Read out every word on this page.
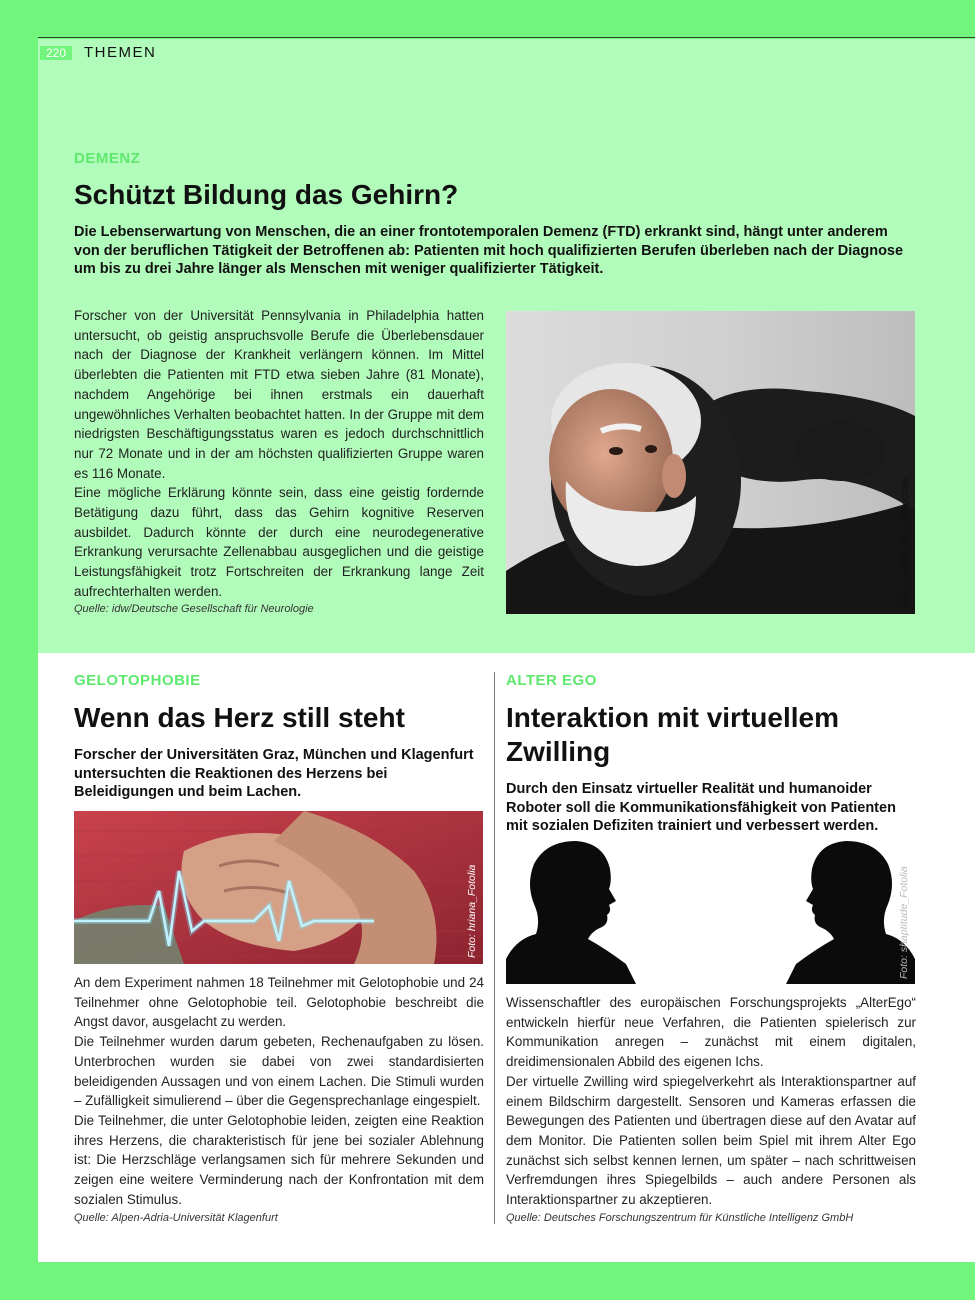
220	THEMEN
DEMENZ
Schützt Bildung das Gehirn?
Die Lebenserwartung von Menschen, die an einer frontotemporalen Demenz (FTD) erkrankt sind, hängt unter anderem von der beruflichen Tätigkeit der Betroffenen ab: Patienten mit hoch qualifizierten Berufen überleben nach der Diagnose um bis zu drei Jahre länger als Menschen mit weniger qualifizierter Tätigkeit.

Forscher von der Universität Pennsylvania in Philadelphia hatten untersucht, ob geistig anspruchsvolle Berufe die Überlebensdauer nach der Diagnose der Krankheit verlängern können. Im Mittel überlebten die Patienten mit FTD etwa sieben Jahre (81 Monate), nachdem Angehörige bei ihnen erstmals ein dauerhaft ungewöhnliches Verhalten beobachtet hatten. In der Gruppe mit dem niedrigsten Beschäftigungsstatus waren es jedoch durchschnittlich nur 72 Monate und in der am höchsten qualifizierten Gruppe waren es 116 Monate.

Eine mögliche Erklärung könnte sein, dass eine geistig fordernde Betätigung dazu führt, dass das Gehirn kognitive Reserven ausbildet. Dadurch könnte der durch eine neurodegenerative Erkrankung verursachte Zellenabbau ausgeglichen und die geistige Leistungsfähigkeit trotz Fortschreiten der Erkrankung lange Zeit aufrechterhalten werden.

Quelle: idw/Deutsche Gesellschaft für Neurologie
Foto: kathrin_hb_photocase
GELOTOPHOBIE
Wenn das Herz still steht
Forscher der Universitäten Graz, München und Klagenfurt untersuchten die Reaktionen des Herzens bei Beleidigungen und beim Lachen.
Foto: hriana_Fotolia

An dem Experiment nahmen 18 Teilnehmer mit Gelotophobie und 24 Teilnehmer ohne Gelotophobie teil. Gelotophobie beschreibt die Angst davor, ausgelacht zu werden.

Die Teilnehmer wurden darum gebeten, Rechenaufgaben zu lösen. Unterbrochen wurden sie dabei von zwei standardisierten beleidigenden Aussagen und von einem Lachen. Die Stimuli wurden – Zufälligkeit simulierend – über die Gegensprechanlage eingespielt.

Die Teilnehmer, die unter Gelotophobie leiden, zeigten eine Reaktion ihres Herzens, die charakteristisch für jene bei sozialer Ablehnung ist: Die Herzschläge verlangsamen sich für mehrere Sekunden und zeigen eine weitere Verminderung nach der Konfrontation mit dem sozialen Stimulus.

Quelle: Alpen-Adria-Universität Klagenfurt
ALTER EGO
Interaktion mit virtuellem Zwilling
Durch den Einsatz virtueller Realität und humanoider Roboter soll die Kommunikationsfähigkeit von Patienten mit sozialen Defiziten trainiert und verbessert werden.
Foto: shaptitude_Fotolia

Wissenschaftler des europäischen Forschungsprojekts „AlterEgo“ entwickeln hierfür neue Verfahren, die Patienten spielerisch zur Kommunikation anregen – zunächst mit einem digitalen, dreidimensionalen Abbild des eigenen Ichs.

Der virtuelle Zwilling wird spiegelverkehrt als Interaktionspartner auf einem Bildschirm dargestellt. Sensoren und Kameras erfassen die Bewegungen des Patienten und übertragen diese auf den Avatar auf dem Monitor. Die Patienten sollen beim Spiel mit ihrem Alter Ego zunächst sich selbst kennen lernen, um später – nach schrittweisen Verfremdungen ihres Spiegelbilds – auch andere Personen als Interaktionspartner zu akzeptieren.

Quelle: Deutsches Forschungszentrum für Künstliche Intelligenz GmbH
